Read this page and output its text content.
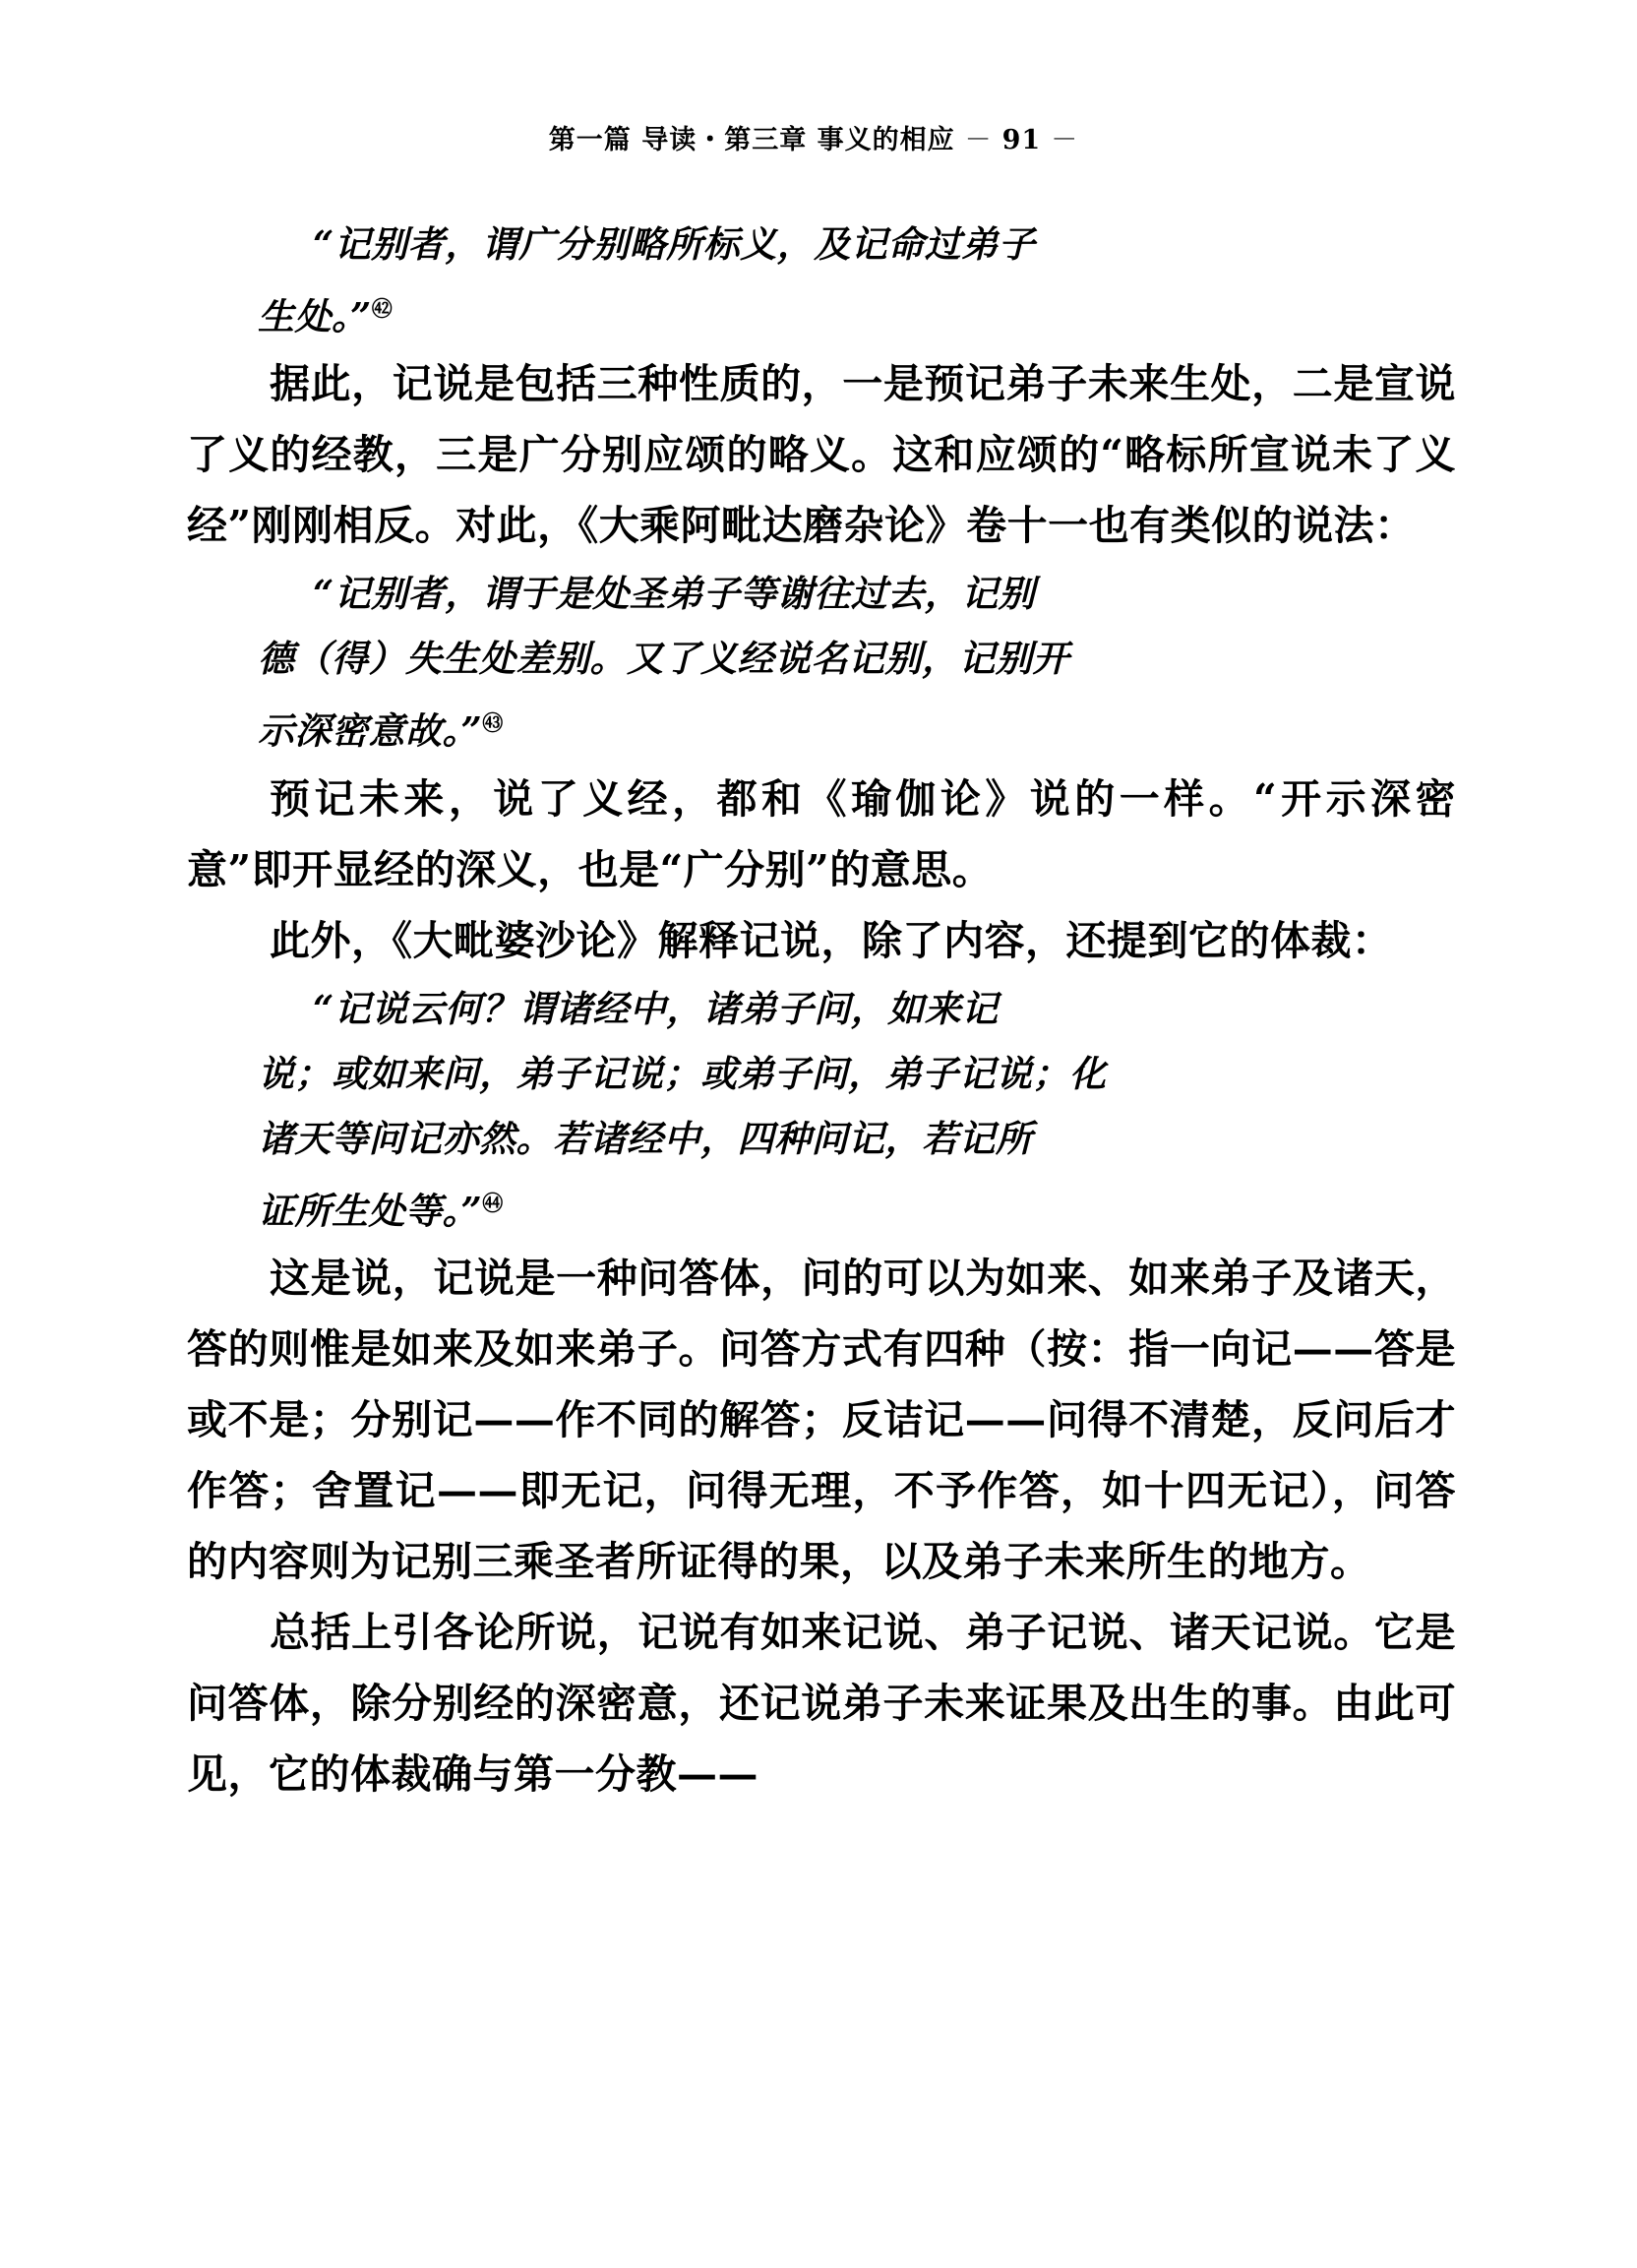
第一篇 导读・第三章 事义的相应 － 91 －

“记别者，谓广分别略所标义，及记命过弟子

生处。”$^㊷$

据此，记说是包括三种性质的，一是预记弟子未来生处，二是宣说了义的经教，三是广分别应颂的略义。这和应颂的“略标所宣说未了义经”刚刚相反。对此，《大乘阿毗达磨杂论》卷十一也有类似的说法：

“记别者，谓于是处圣弟子等谢往过去，记别

德（得）失生处差别。又了义经说名记别，记别开

示深密意故。”$^㊸$

预记未来，说了义经，都和《瑜伽论》说的一样。“开示深密意”即开显经的深义，也是“广分别”的意思。

此外，《大毗婆沙论》解释记说，除了内容，还提到它的体裁：

“记说云何？谓诸经中，诸弟子问，如来记

说；或如来问，弟子记说；或弟子问，弟子记说；化

诸天等问记亦然。若诸经中，四种问记，若记所

证所生处等。”$^㊹$

这是说，记说是一种问答体，问的可以为如来、如来弟子及诸天，答的则惟是如来及如来弟子。问答方式有四种（按：指一向记——答是或不是；分别记——作不同的解答；反诘记——问得不清楚，反问后才作答；舍置记——即无记，问得无理，不予作答，如十四无记），问答的内容则为记别三乘圣者所证得的果，以及弟子未来所生的地方。

总括上引各论所说，记说有如来记说、弟子记说、诸天记说。它是问答体，除分别经的深密意，还记说弟子未来证果及出生的事。由此可见，它的体裁确与第一分教——
